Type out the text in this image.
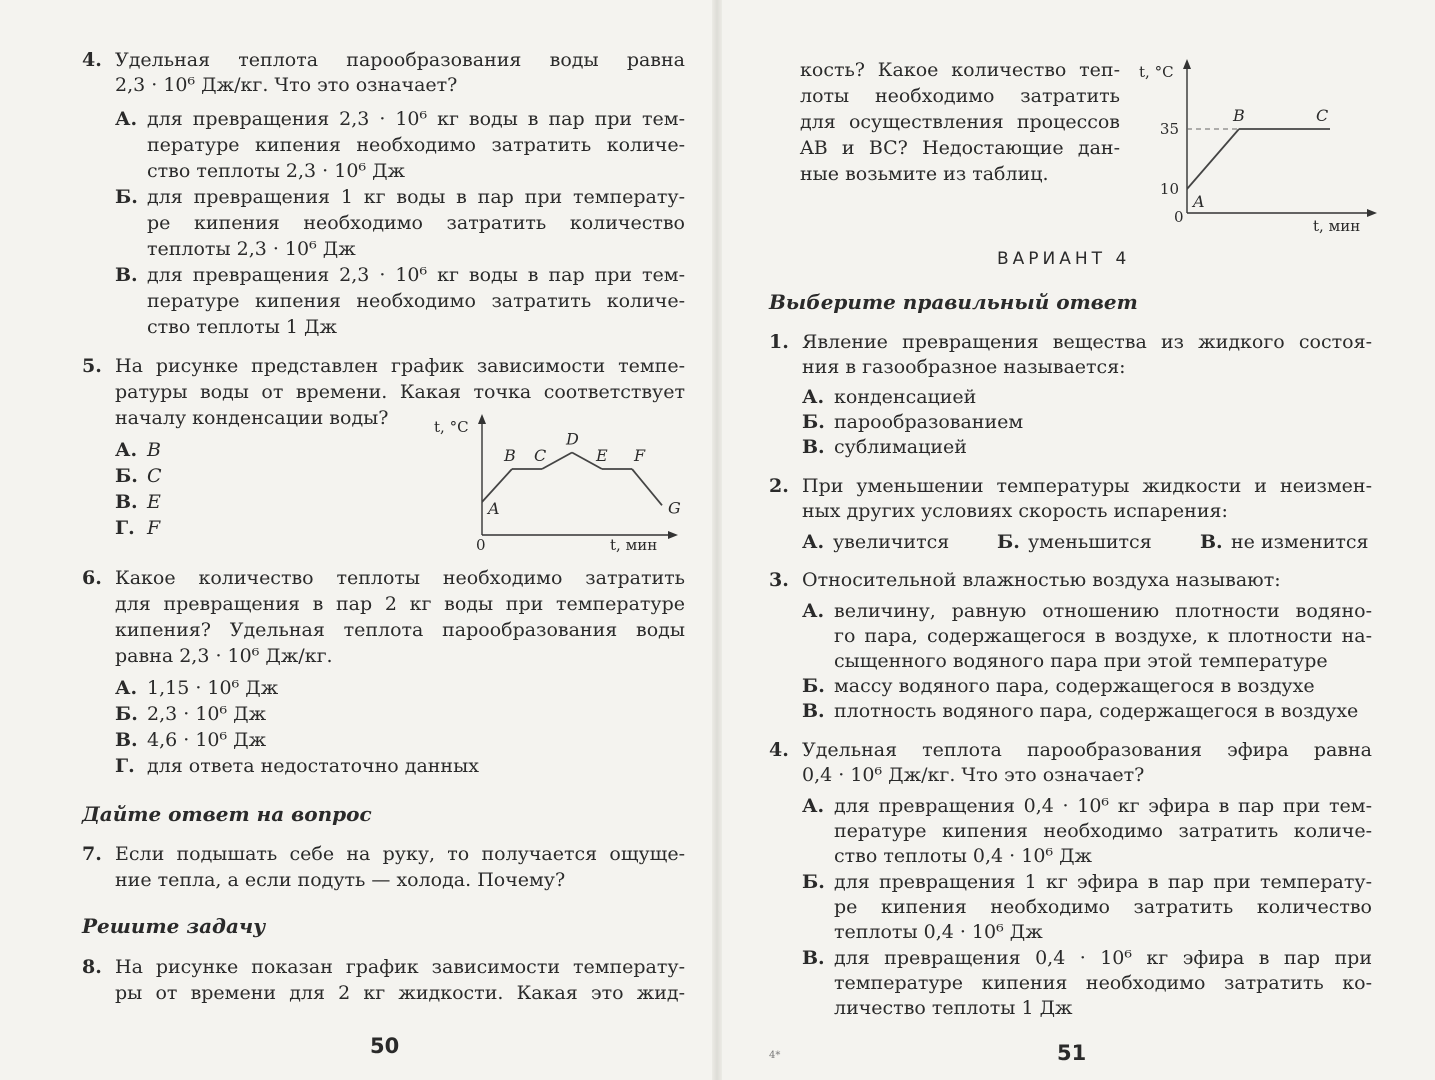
4. Удельная теплота парообразования воды равна
2,3 · 10⁶ Дж/кг. Что это означает?
А. для превращения 2,3 · 10⁶ кг воды в пар при тем-
пературе кипения необходимо затратить количе-
ство теплоты 2,3 · 10⁶ Дж
Б. для превращения 1 кг воды в пар при температу-
ре кипения необходимо затратить количество
теплоты 2,3 · 10⁶ Дж
В. для превращения 2,3 · 10⁶ кг воды в пар при тем-
пературе кипения необходимо затратить количе-
ство теплоты 1 Дж
5. На рисунке представлен график зависимости темпе-
ратуры воды от времени. Какая точка соответствует
началу конденсации воды?
А. B
Б. C
В. E
Г. F
t, °C
0	t, мин
A
B C
D
E F
G
6. Какое количество теплоты необходимо затратить
для превращения в пар 2 кг воды при температуре
кипения? Удельная теплота парообразования воды
равна 2,3 · 10⁶ Дж/кг.
А. 1,15 · 10⁶ Дж
Б. 2,3 · 10⁶ Дж
В. 4,6 · 10⁶ Дж
Г. для ответа недостаточно данных
Дайте ответ на вопрос
7. Если подышать себе на руку, то получается ощуще-
ние тепла, а если подуть — холода. Почему?
Решите задачу
8. На рисунке показан график зависимости температу-
ры от времени для 2 кг жидкости. Какая это жид-
50
кость? Какое количество теп-
лоты необходимо затратить
для осуществления процессов
AB и BC? Недостающие дан-
ные возьмите из таблиц.
t, °C
0	t, мин
10
35
A
B	C
ВАРИАНТ 4
Выберите правильный ответ
1. Явление превращения вещества из жидкого состоя-
ния в газообразное называется:
А. конденсацией
Б. парообразованием
В. сублимацией
2. При уменьшении температуры жидкости и неизмен-
ных других условиях скорость испарения:
А. увеличится	Б. уменьшится	В. не изменится
3. Относительной влажностью воздуха называют:
А. величину, равную отношению плотности водяно-
го пара, содержащегося в воздухе, к плотности на-
сыщенного водяного пара при этой температуре
Б. массу водяного пара, содержащегося в воздухе
В. плотность водяного пара, содержащегося в воздухе
4. Удельная теплота парообразования эфира равна
0,4 · 10⁶ Дж/кг. Что это означает?
А. для превращения 0,4 · 10⁶ кг эфира в пар при тем-
пературе кипения необходимо затратить количе-
ство теплоты 0,4 · 10⁶ Дж
Б. для превращения 1 кг эфира в пар при температу-
ре кипения необходимо затратить количество
теплоты 0,4 · 10⁶ Дж
В. для превращения 0,4 · 10⁶ кг эфира в пар при
температуре кипения необходимо затратить ко-
личество теплоты 1 Дж
4*	51
